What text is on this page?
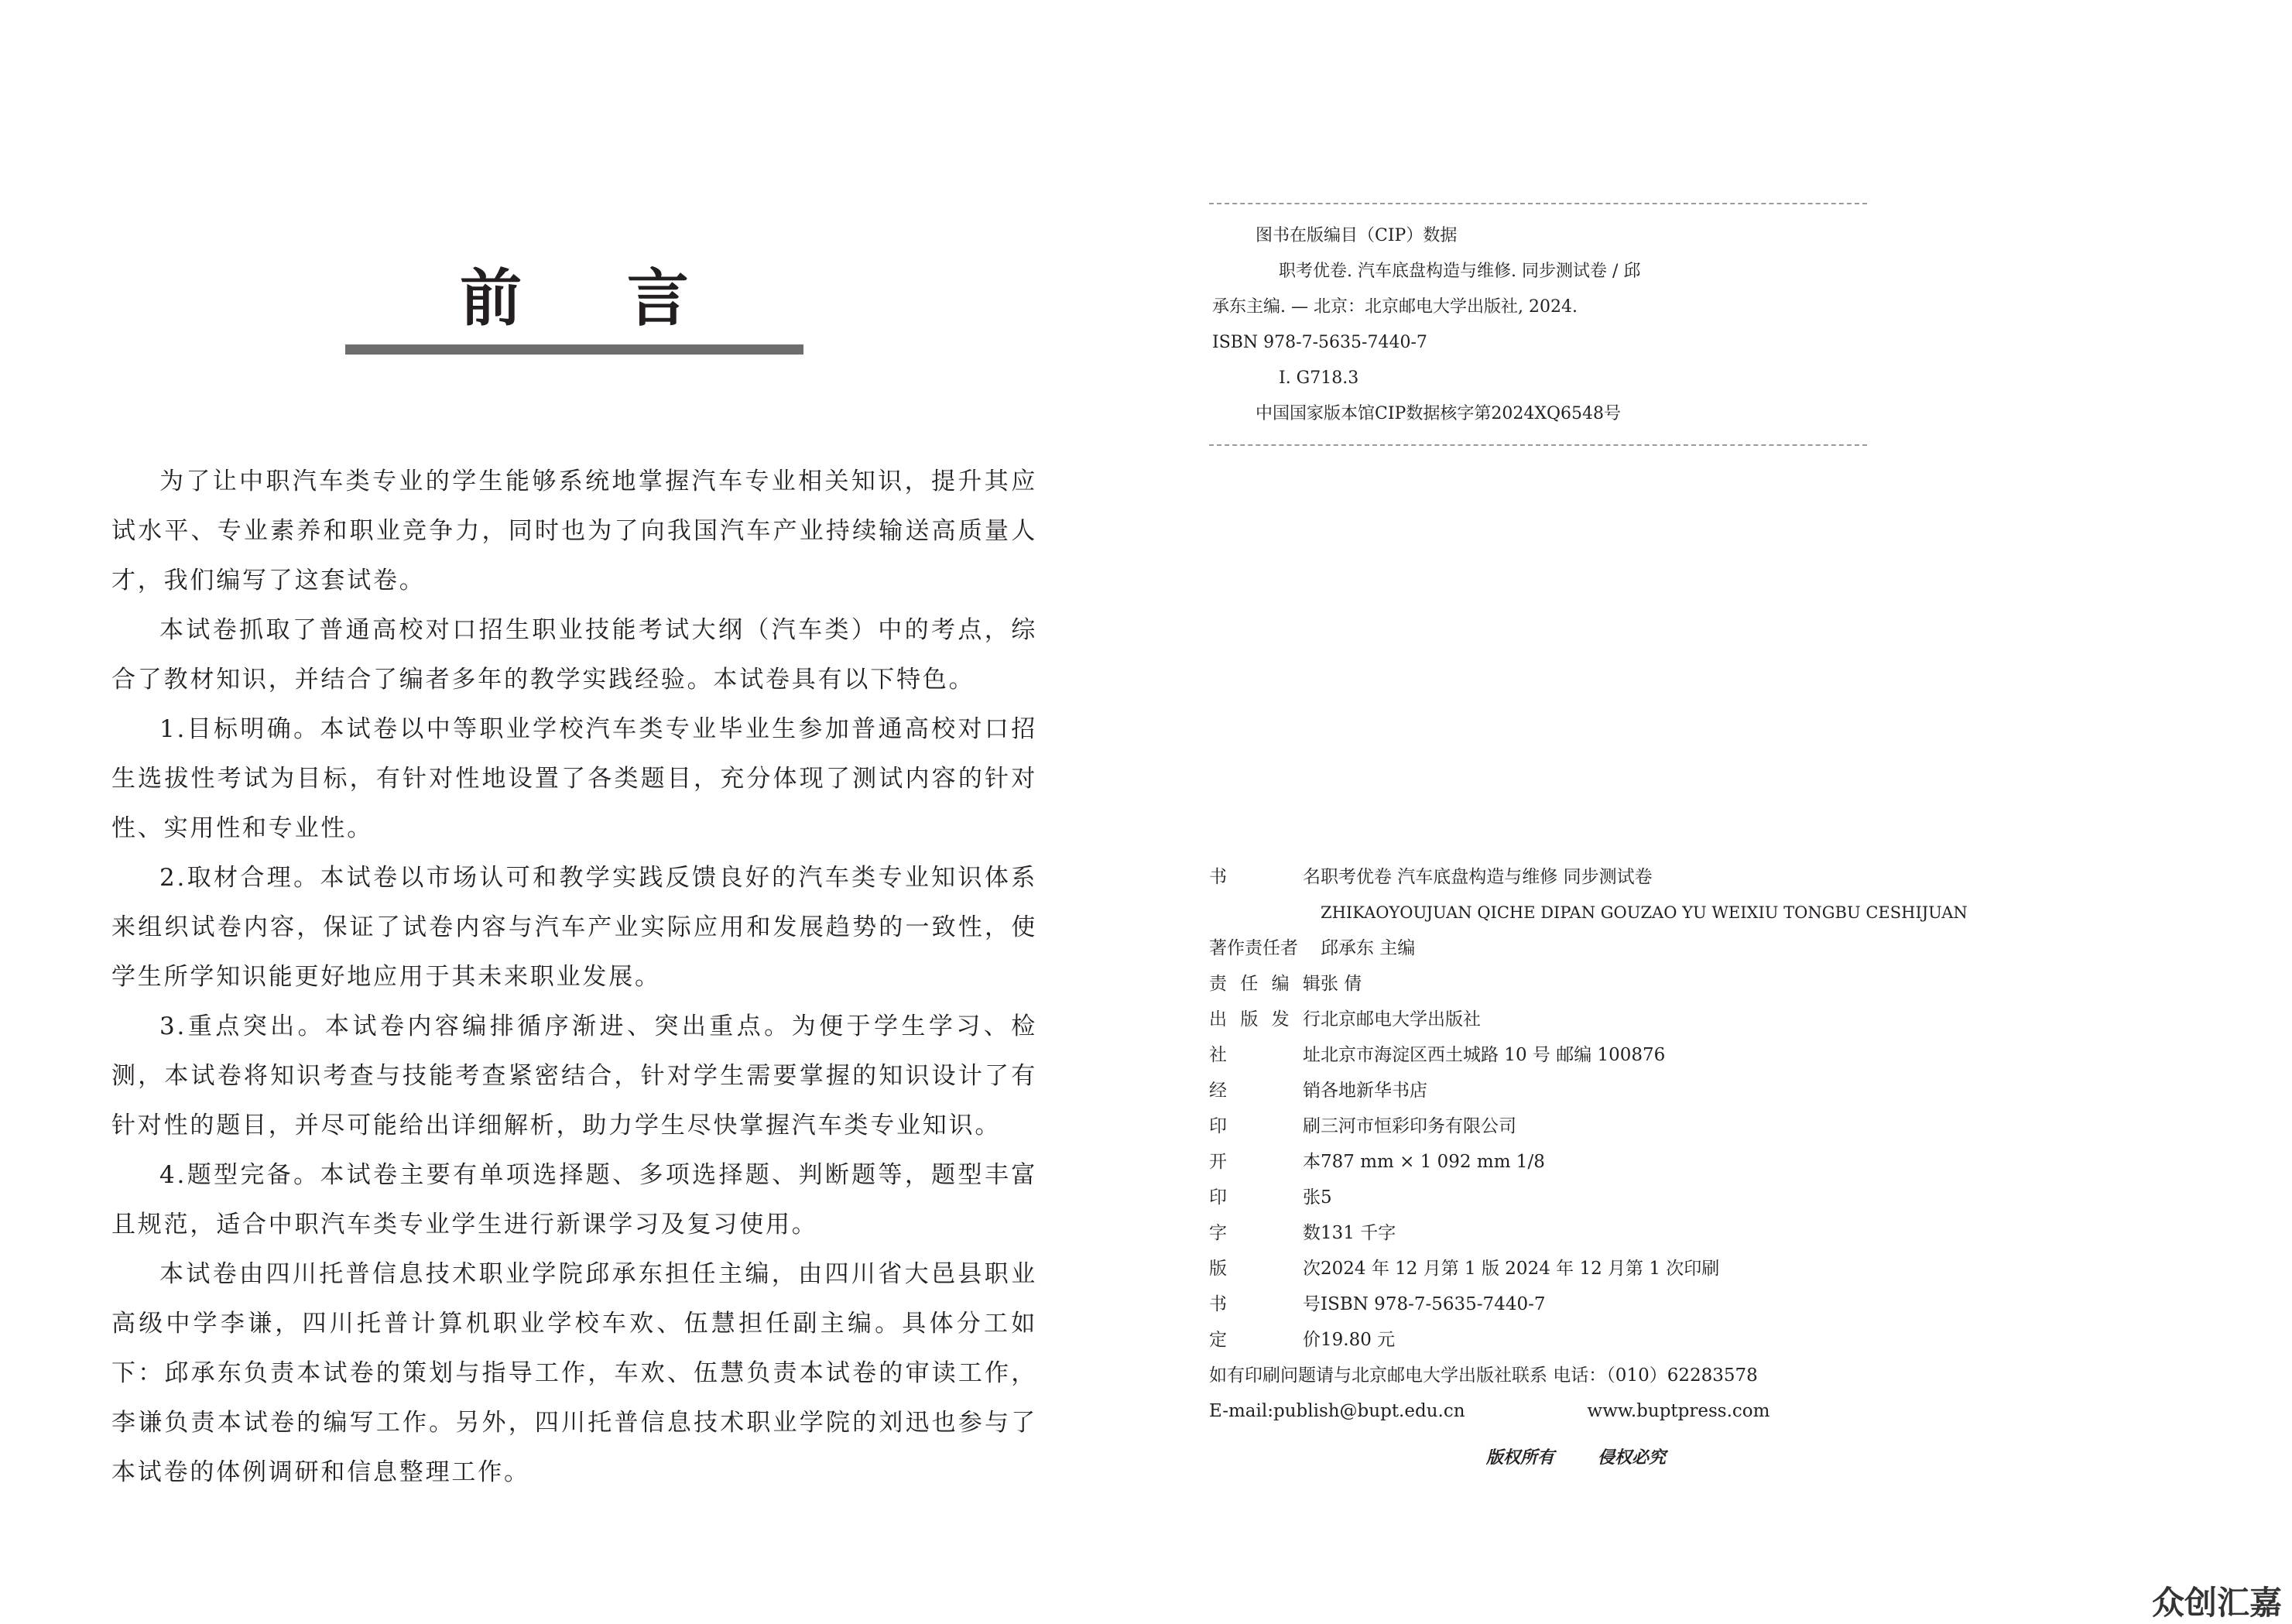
前 言

为了让中职汽车类专业的学生能够系统地掌握汽车专业相关知识，提升其应试水平、专业素养和职业竞争力，同时也为了向我国汽车产业持续输送高质量人才，我们编写了这套试卷。

本试卷抓取了普通高校对口招生职业技能考试大纲（汽车类）中的考点，综合了教材知识，并结合了编者多年的教学实践经验。本试卷具有以下特色。

1.目标明确。本试卷以中等职业学校汽车类专业毕业生参加普通高校对口招生选拔性考试为目标，有针对性地设置了各类题目，充分体现了测试内容的针对性、实用性和专业性。

2.取材合理。本试卷以市场认可和教学实践反馈良好的汽车类专业知识体系来组织试卷内容，保证了试卷内容与汽车产业实际应用和发展趋势的一致性，使学生所学知识能更好地应用于其未来职业发展。

3.重点突出。本试卷内容编排循序渐进、突出重点。为便于学生学习、检测，本试卷将知识考查与技能考查紧密结合，针对学生需要掌握的知识设计了有针对性的题目，并尽可能给出详细解析，助力学生尽快掌握汽车类专业知识。

4.题型完备。本试卷主要有单项选择题、多项选择题、判断题等，题型丰富且规范，适合中职汽车类专业学生进行新课学习及复习使用。

本试卷由四川托普信息技术职业学院邱承东担任主编，由四川省大邑县职业高级中学李谦，四川托普计算机职业学校车欢、伍慧担任副主编。具体分工如下：邱承东负责本试卷的策划与指导工作，车欢、伍慧负责本试卷的审读工作，李谦负责本试卷的编写工作。另外，四川托普信息技术职业学院的刘迅也参与了本试卷的体例调研和信息整理工作。

图书在版编目（CIP）数据
职考优卷. 汽车底盘构造与维修. 同步测试卷 / 邱
承东主编. — 北京：北京邮电大学出版社, 2024.
ISBN 978-7-5635-7440-7
Ⅰ. G718.3
中国国家版本馆CIP数据核字第2024XQ6548号
书	名 职考优卷 汽车底盘构造与维修 同步测试卷
ZHIKAOYOUJUAN QICHE DIPAN GOUZAO YU WEIXIU TONGBU CESHIJUAN
著作责任者 邱承东 主编
责 任 编 辑 张 倩
出 版 发 行 北京邮电大学出版社
社	址 北京市海淀区西土城路 10 号 邮编 100876
经	销 各地新华书店
印	刷 三河市恒彩印务有限公司
开	本 787 mm × 1 092 mm 1/8
印	张 5
字	数 131 千字
版	次 2024 年 12 月第 1 版 2024 年 12 月第 1 次印刷
书	号 ISBN 978-7-5635-7440-7
定	价 19.80 元
如有印刷问题请与北京邮电大学出版社联系 电话：（010）62283578
E-mail:publish@bupt.edu.cn	www.buptpress.com
版权所有	侵权必究
众创汇嘉
